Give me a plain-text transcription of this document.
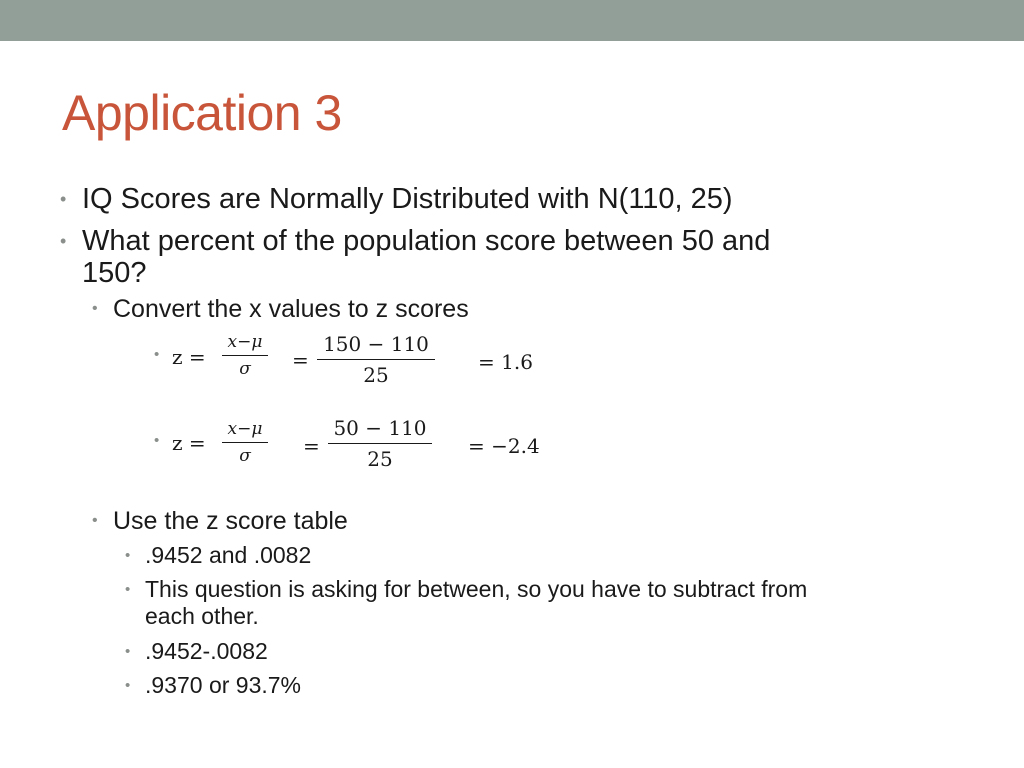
Application 3
• IQ Scores are Normally Distributed with N(110, 25)
• What percent of the population score between 50 and
150?
• Convert the x values to z scores
• z =
x−μ
σ	=
150 − 110
25
= 1.6
• z =
x−μ
σ	=
50 − 110
25
= −2.4
• Use the z score table
• .9452 and .0082
• This question is asking for between, so you have to subtract from
each other.
• .9452-.0082
• .9370 or 93.7%
